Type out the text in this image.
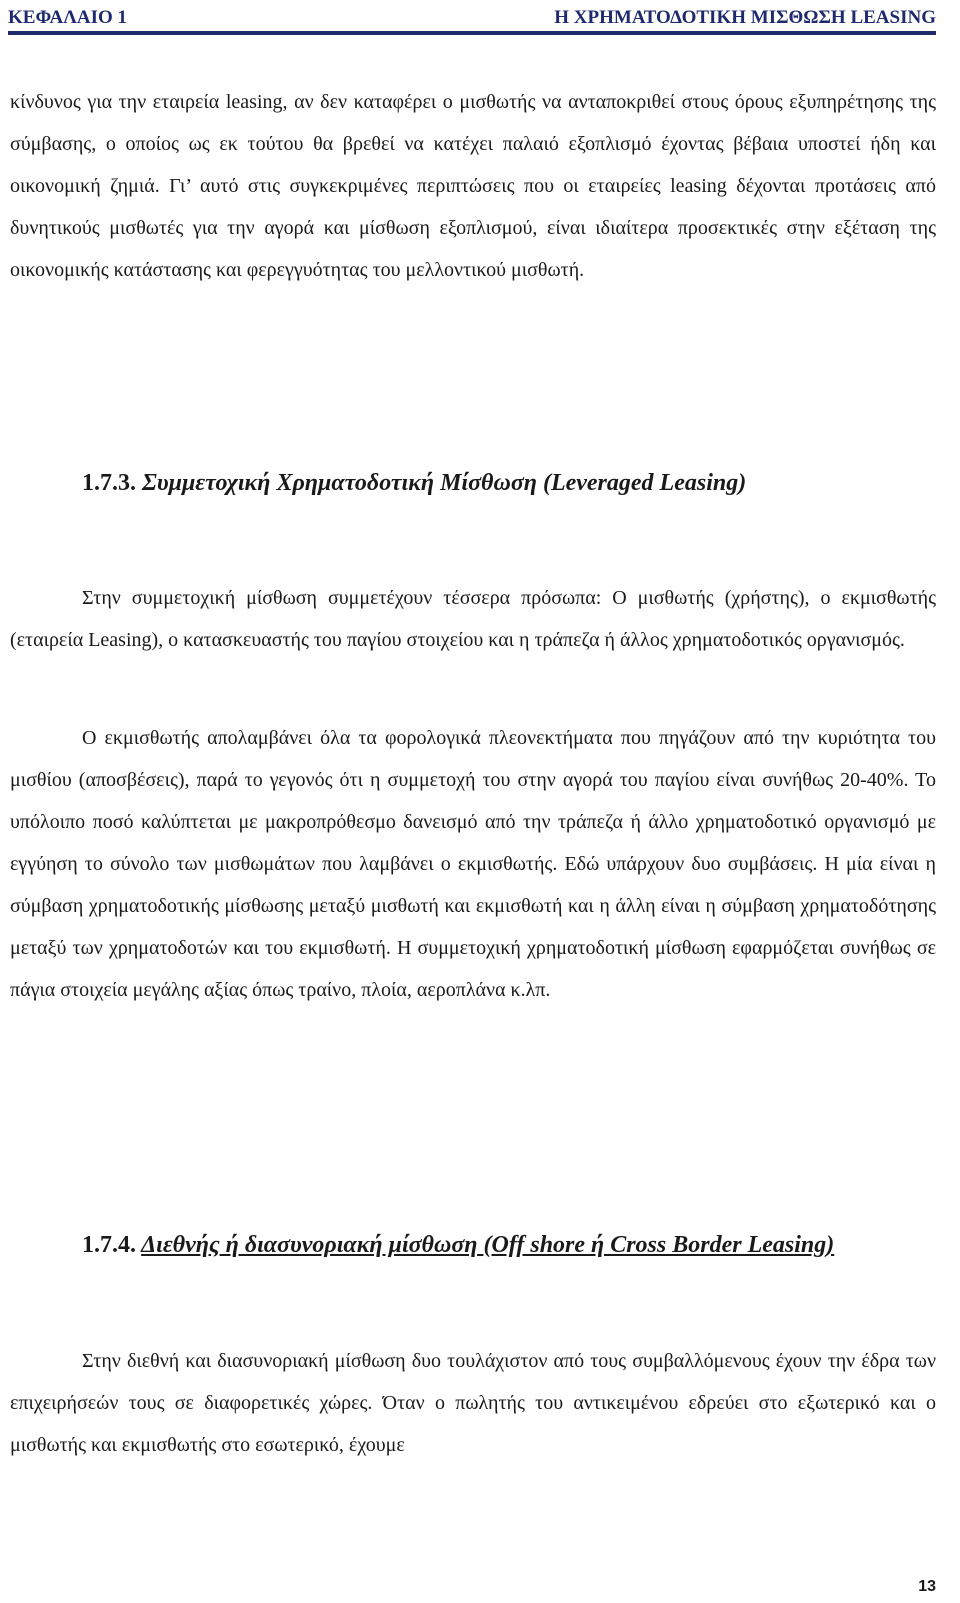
ΚΕΦΑΛΑΙΟ 1	Η ΧΡΗΜΑΤΟΔΟΤΙΚΗ ΜΙΣΘΩΣΗ LEASING

κίνδυνος για την εταιρεία leasing, αν δεν καταφέρει ο μισθωτής να ανταποκριθεί στους όρους εξυπηρέτησης της σύμβασης, ο οποίος ως εκ τούτου θα βρεθεί να κατέχει παλαιό εξοπλισμό έχοντας βέβαια υποστεί ήδη και οικονομική ζημιά. Γι’ αυτό στις συγκεκριμένες περιπτώσεις που οι εταιρείες leasing δέχονται προτάσεις από δυνητικούς μισθωτές για την αγορά και μίσθωση εξοπλισμού, είναι ιδιαίτερα προσεκτικές στην εξέταση της οικονομικής κατάστασης και φερεγγυότητας του μελλοντικού μισθωτή.

1.7.3. Συμμετοχική Χρηματοδοτική Μίσθωση (Leveraged Leasing)

Στην συμμετοχική μίσθωση συμμετέχουν τέσσερα πρόσωπα: Ο μισθωτής (χρήστης), ο εκμισθωτής (εταιρεία Leasing), ο κατασκευαστής του παγίου στοιχείου και η τράπεζα ή άλλος χρηματοδοτικός οργανισμός.

Ο εκμισθωτής απολαμβάνει όλα τα φορολογικά πλεονεκτήματα που πηγάζουν από την κυριότητα του μισθίου (αποσβέσεις), παρά το γεγονός ότι η συμμετοχή του στην αγορά του παγίου είναι συνήθως 20-40%. Το υπόλοιπο ποσό καλύπτεται με μακροπρόθεσμο δανεισμό από την τράπεζα ή άλλο χρηματοδοτικό οργανισμό με εγγύηση το σύνολο των μισθωμάτων που λαμβάνει ο εκμισθωτής. Εδώ υπάρχουν δυο συμβάσεις. Η μία είναι η σύμβαση χρηματοδοτικής μίσθωσης μεταξύ μισθωτή και εκμισθωτή και η άλλη είναι η σύμβαση χρηματοδότησης μεταξύ των χρηματοδοτών και του εκμισθωτή. Η συμμετοχική χρηματοδοτική μίσθωση εφαρμόζεται συνήθως σε πάγια στοιχεία μεγάλης αξίας όπως τραίνο, πλοία, αεροπλάνα κ.λπ.

1.7.4. Διεθνής ή διασυνοριακή μίσθωση (Off shore ή Cross Border Leasing)

Στην διεθνή και διασυνοριακή μίσθωση δυο τουλάχιστον από τους συμβαλλόμενους έχουν την έδρα των επιχειρήσεών τους σε διαφορετικές χώρες. Όταν ο πωλητής του αντικειμένου εδρεύει στο εξωτερικό και ο μισθωτής και εκμισθωτής στο εσωτερικό, έχουμε

13
